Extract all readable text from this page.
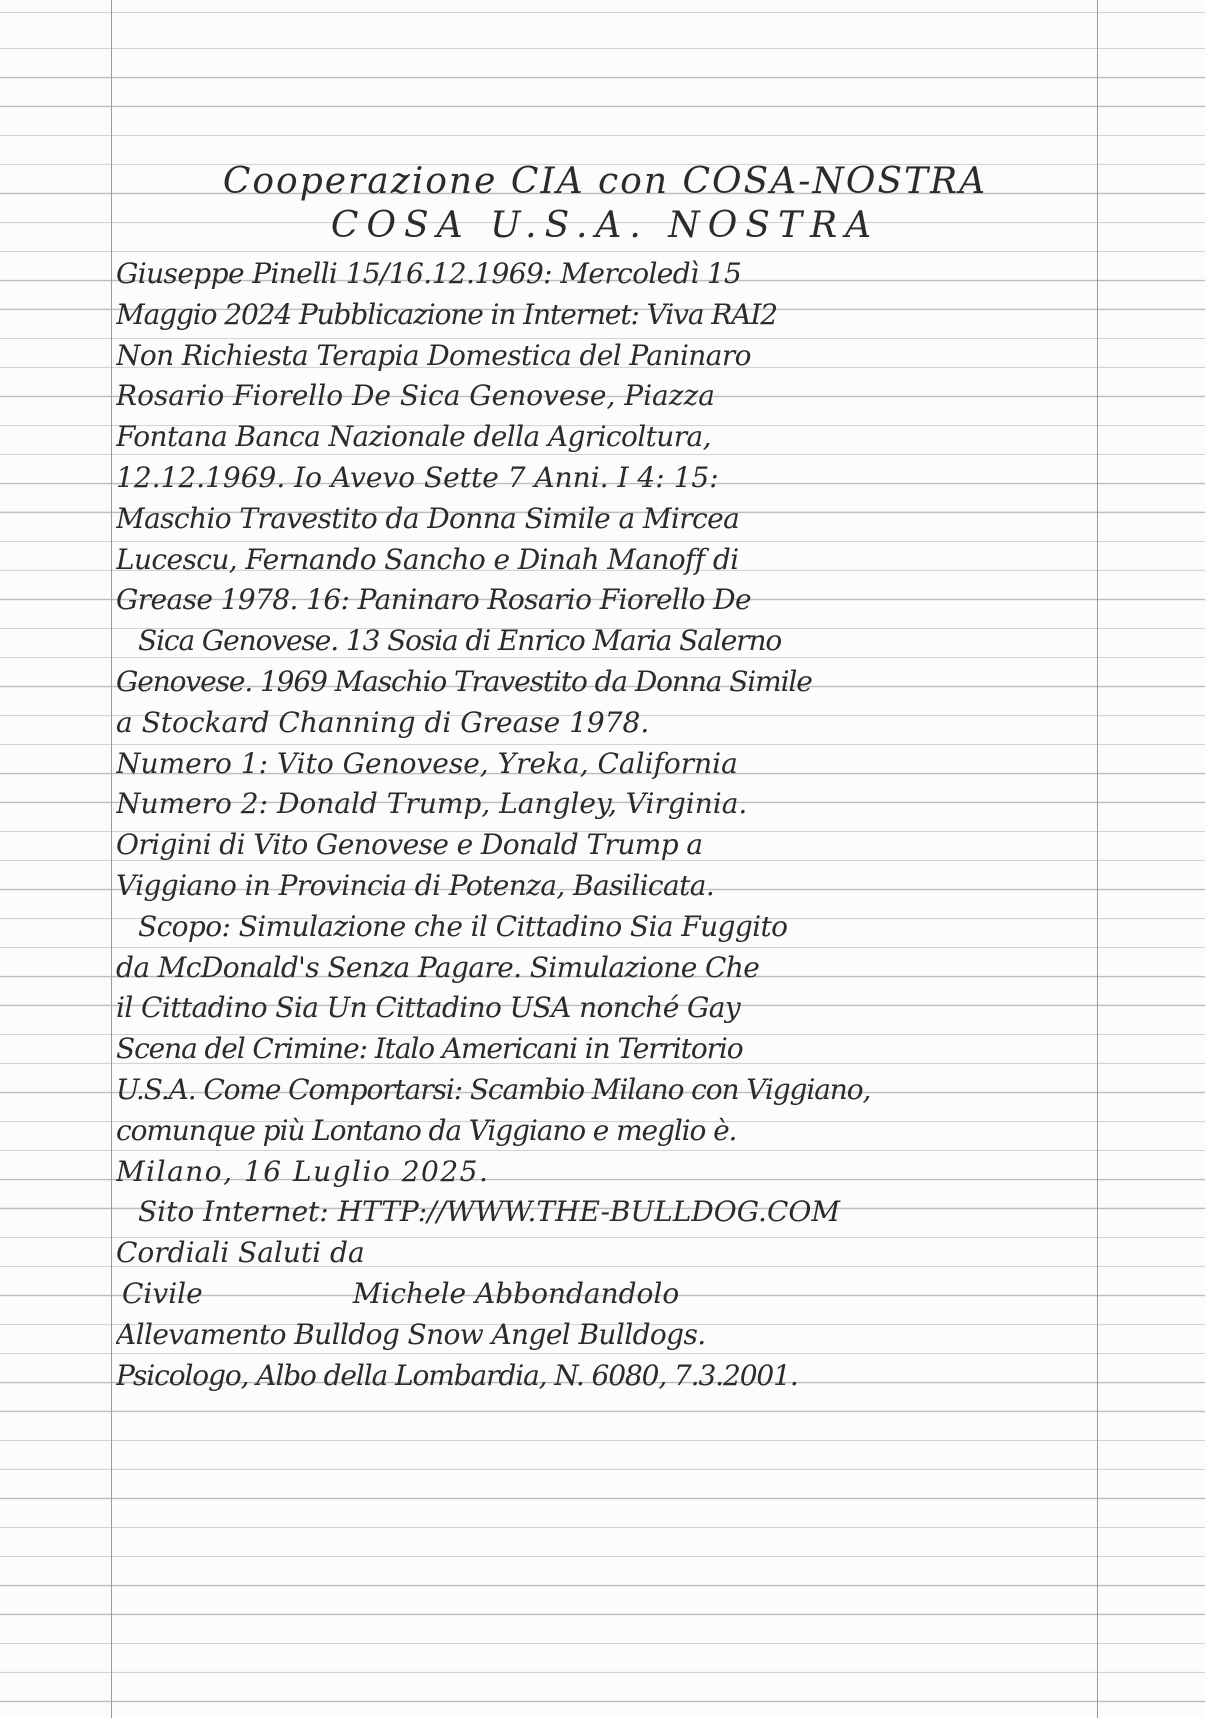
Cooperazione CIA con COSA-NOSTRA
COSA U.S.A. NOSTRA
Giuseppe Pinelli 15/16.12.1969: Mercoledì 15
Maggio 2024 Pubblicazione in Internet: Viva RAI2
Non Richiesta Terapia Domestica del Paninaro
Rosario Fiorello De Sica Genovese, Piazza
Fontana Banca Nazionale della Agricoltura,
12.12.1969. Io Avevo Sette 7 Anni. I 4: 15:
Maschio Travestito da Donna Simile a Mircea
Lucescu, Fernando Sancho e Dinah Manoff di
Grease 1978. 16: Paninaro Rosario Fiorello De
Sica Genovese. 13 Sosia di Enrico Maria Salerno
Genovese. 1969 Maschio Travestito da Donna Simile
a Stockard Channing di Grease 1978.
Numero 1: Vito Genovese, Yreka, California
Numero 2: Donald Trump, Langley, Virginia.
Origini di Vito Genovese e Donald Trump a
Viggiano in Provincia di Potenza, Basilicata.
Scopo: Simulazione che il Cittadino Sia Fuggito
da McDonald's Senza Pagare. Simulazione Che
il Cittadino Sia Un Cittadino USA nonché Gay
Scena del Crimine: Italo Americani in Territorio
U.S.A. Come Comportarsi: Scambio Milano con Viggiano,
comunque più Lontano da Viggiano e meglio è.
Milano, 16 Luglio 2025.
Sito Internet: HTTP://WWW.THE-BULLDOG.COM
Cordiali Saluti da
Civile	Michele Abbondandolo
Allevamento Bulldog Snow Angel Bulldogs.
Psicologo, Albo della Lombardia, N. 6080, 7.3.2001.
